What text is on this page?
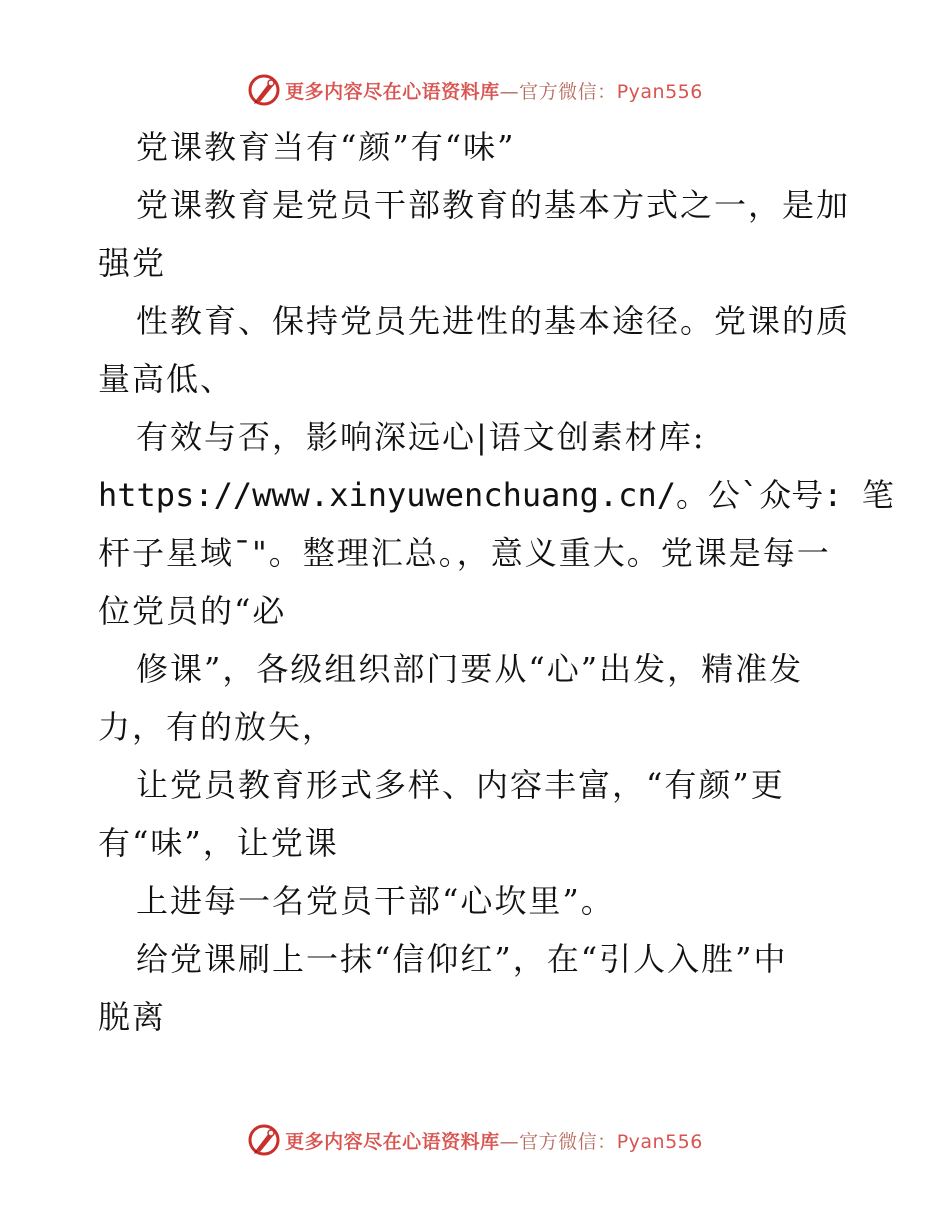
更多内容尽在心语资料库—官方微信：Pyan556
党课教育当有“颜”有“味”
党课教育是党员干部教育的基本方式之一，是加
强党
性教育、保持党员先进性的基本途径。党课的质
量高低、
有效与否，影响深远心|语文创素材库:
https://www.xinyuwenchuang.cn/。公`众号: 笔
杆子星域¯"。整理汇总。，意义重大。党课是每一
位党员的“必
修课”，各级组织部门要从“心”出发，精准发
力，有的放矢，
让党员教育形式多样、内容丰富，“有颜”更
有“味”，让党课
上进每一名党员干部“心坎里”。
给党课刷上一抹“信仰红”，在“引人入胜”中
脱离
更多内容尽在心语资料库—官方微信：Pyan556
